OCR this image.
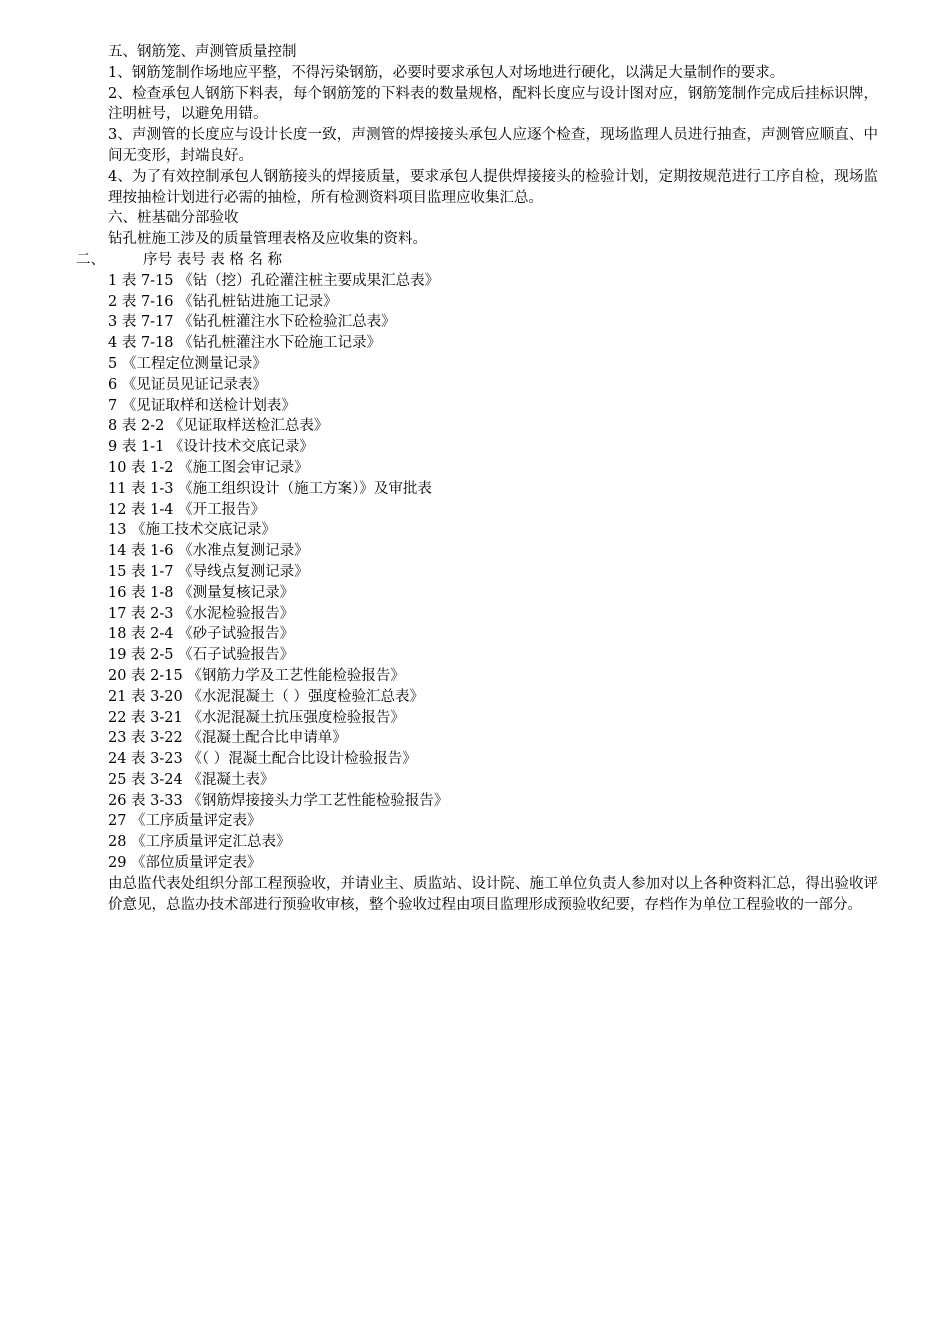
五、钢筋笼、声测管质量控制
1、钢筋笼制作场地应平整，不得污染钢筋，必要时要求承包人对场地进行硬化，以满足大量制作的要求。
2、检查承包人钢筋下料表，每个钢筋笼的下料表的数量规格，配料长度应与设计图对应，钢筋笼制作完成后挂标识牌，注明桩号，以避免用错。
3、声测管的长度应与设计长度一致，声测管的焊接接头承包人应逐个检查，现场监理人员进行抽查，声测管应顺直、中间无变形，封端良好。
4、为了有效控制承包人钢筋接头的焊接质量，要求承包人提供焊接接头的检验计划，定期按规范进行工序自检，现场监理按抽检计划进行必需的抽检，所有检测资料项目监理应收集汇总。
六、桩基础分部验收
钻孔桩施工涉及的质量管理表格及应收集的资料。
二、	序号 表号 表 格 名 称
1 表 7-15 《钻（挖）孔砼灌注桩主要成果汇总表》
2 表 7-16 《钻孔桩钻进施工记录》
3 表 7-17 《钻孔桩灌注水下砼检验汇总表》
4 表 7-18 《钻孔桩灌注水下砼施工记录》
5 《工程定位测量记录》
6 《见证员见证记录表》
7 《见证取样和送检计划表》
8 表 2-2 《见证取样送检汇总表》
9 表 1-1 《设计技术交底记录》
10 表 1-2 《施工图会审记录》
11 表 1-3 《施工组织设计（施工方案）》及审批表
12 表 1-4 《开工报告》
13 《施工技术交底记录》
14 表 1-6 《水准点复测记录》
15 表 1-7 《导线点复测记录》
16 表 1-8 《测量复核记录》
17 表 2-3 《水泥检验报告》
18 表 2-4 《砂子试验报告》
19 表 2-5 《石子试验报告》
20 表 2-15 《钢筋力学及工艺性能检验报告》
21 表 3-20 《水泥混凝土（ ）强度检验汇总表》
22 表 3-21 《水泥混凝土抗压强度检验报告》
23 表 3-22 《混凝土配合比申请单》
24 表 3-23 《（ ）混凝土配合比设计检验报告》
25 表 3-24 《混凝土表》
26 表 3-33 《钢筋焊接接头力学工艺性能检验报告》
27 《工序质量评定表》
28 《工序质量评定汇总表》
29 《部位质量评定表》
由总监代表处组织分部工程预验收，并请业主、质监站、设计院、施工单位负责人参加对以上各种资料汇总，得出验收评价意见，总监办技术部进行预验收审核，整个验收过程由项目监理形成预验收纪要，存档作为单位工程验收的一部分。
